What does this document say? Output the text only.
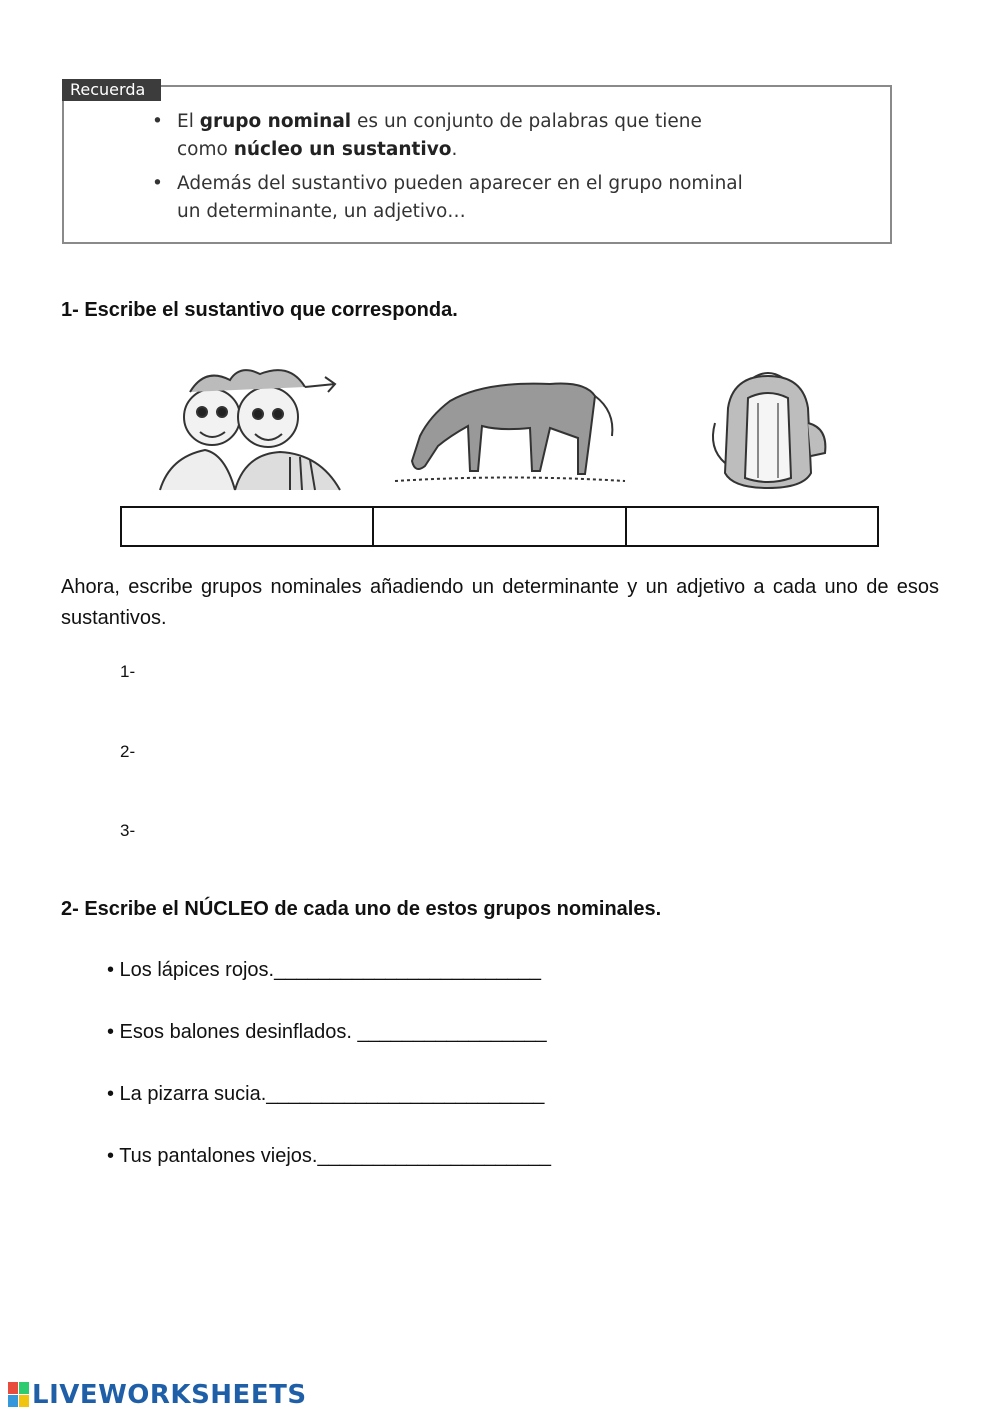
Recuerda
• El grupo nominal es un conjunto de palabras que tiene
como núcleo un sustantivo.
• Además del sustantivo pueden aparecer en el grupo nominal
un determinante, un adjetivo…
1- Escribe el sustantivo que corresponda.
Ahora, escribe grupos nominales añadiendo un determinante y un adjetivo a cada uno de esos sustantivos.
1-
2-
3-
2- Escribe el NÚCLEO de cada uno de estos grupos nominales.
• Los lápices rojos.________________________
• Esos balones desinflados. _________________
• La pizarra sucia._________________________
• Tus pantalones viejos._____________________
LIVEWORKSHEETS
